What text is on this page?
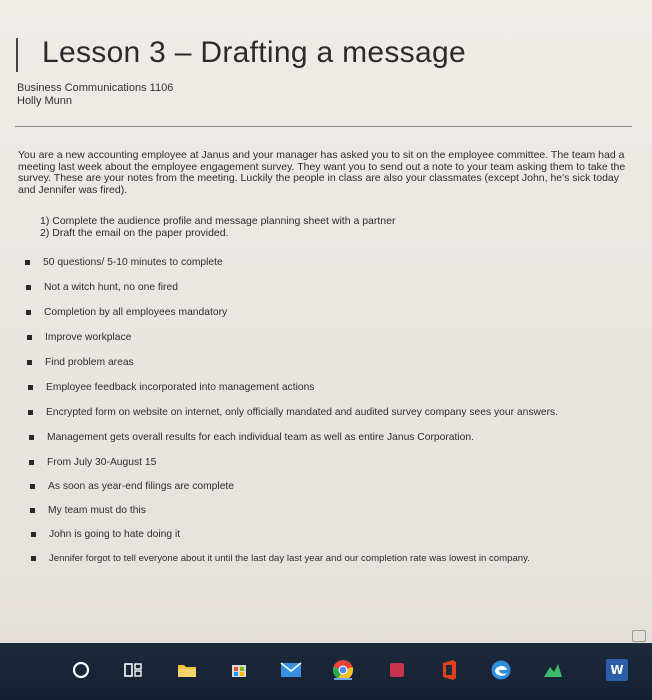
Lesson 3 – Drafting a message
Business Communications 1106
Holly Munn
You are a new accounting employee at Janus and your manager has asked you to sit on the employee committee. The team had a meeting last week about the employee engagement survey. They want you to send out a note to your team asking them to take the survey. These are your notes from the meeting. Luckily the people in class are also your classmates (except John, he's sick today and Jennifer was fired).
1) Complete the audience profile and message planning sheet with a partner
2) Draft the email on the paper provided.
50 questions/ 5-10 minutes to complete
Not a witch hunt, no one fired
Completion by all employees mandatory
Improve workplace
Find problem areas
Employee feedback incorporated into management actions
Encrypted form on website on internet, only officially mandated and audited survey company sees your answers.
Management gets overall results for each individual team as well as entire Janus Corporation.
From July 30-August 15
As soon as year-end filings are complete
My team must do this
John is going to hate doing it
Jennifer forgot to tell everyone about it until the last day last year and our completion rate was lowest in company.
W
